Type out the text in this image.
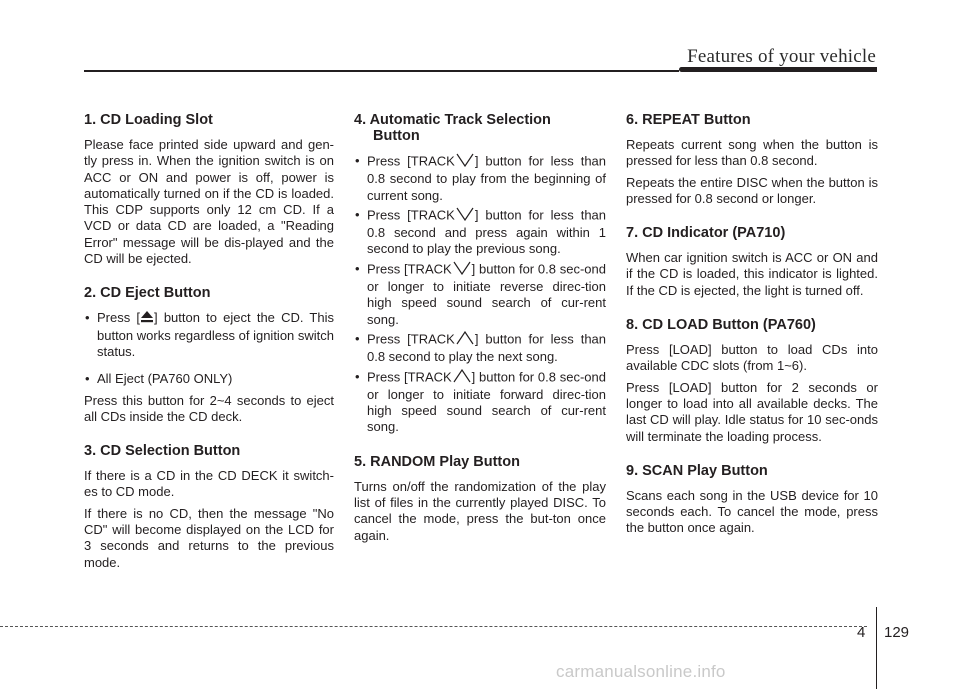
Features of your vehicle
1. CD Loading Slot

Please face printed side upward and gen-tly press in. When the ignition switch is on ACC or ON and power is off, power is automatically turned on if the CD is loaded. This CDP supports only 12 cm CD. If a VCD or data CD are loaded, a "Reading Error" message will be dis-played and the CD will be ejected.

2. CD Eject Button
• Press [ ] button to eject the CD. This button works regardless of ignition switch status.
• All Eject (PA760 ONLY)

Press this button for 2~4 seconds to eject all CDs inside the CD deck.

3. CD Selection Button

If there is a CD in the CD DECK it switch-es to CD mode.

If there is no CD, then the message "No CD" will become displayed on the LCD for 3 seconds and returns to the previous mode.

4. Automatic Track Selection
Button
• Press [TRACK ] button for less than 0.8 second to play from the beginning of current song.
• Press [TRACK ] button for less than 0.8 second and press again within 1 second to play the previous song.
• Press [TRACK ] button for 0.8 sec-ond or longer to initiate reverse direc-tion high speed sound search of cur-rent song.
• Press [TRACK ] button for less than 0.8 second to play the next song.
• Press [TRACK ] button for 0.8 sec-ond or longer to initiate forward direc-tion high speed sound search of cur-rent song.
5. RANDOM Play Button

Turns on/off the randomization of the play list of files in the currently played DISC. To cancel the mode, press the but-ton once again.

6. REPEAT Button

Repeats current song when the button is pressed for less than 0.8 second.

Repeats the entire DISC when the button is pressed for 0.8 second or longer.

7. CD Indicator (PA710)

When car ignition switch is ACC or ON and if the CD is loaded, this indicator is lighted. If the CD is ejected, the light is turned off.

8. CD LOAD Button (PA760)

Press [LOAD] button to load CDs into available CDC slots (from 1~6).

Press [LOAD] button for 2 seconds or longer to load into all available decks. The last CD will play. Idle status for 10 sec-onds will terminate the loading process.

9. SCAN Play Button

Scans each song in the USB device for 10 seconds each. To cancel the mode, press the button once again.

4 129
carmanualsonline.info
